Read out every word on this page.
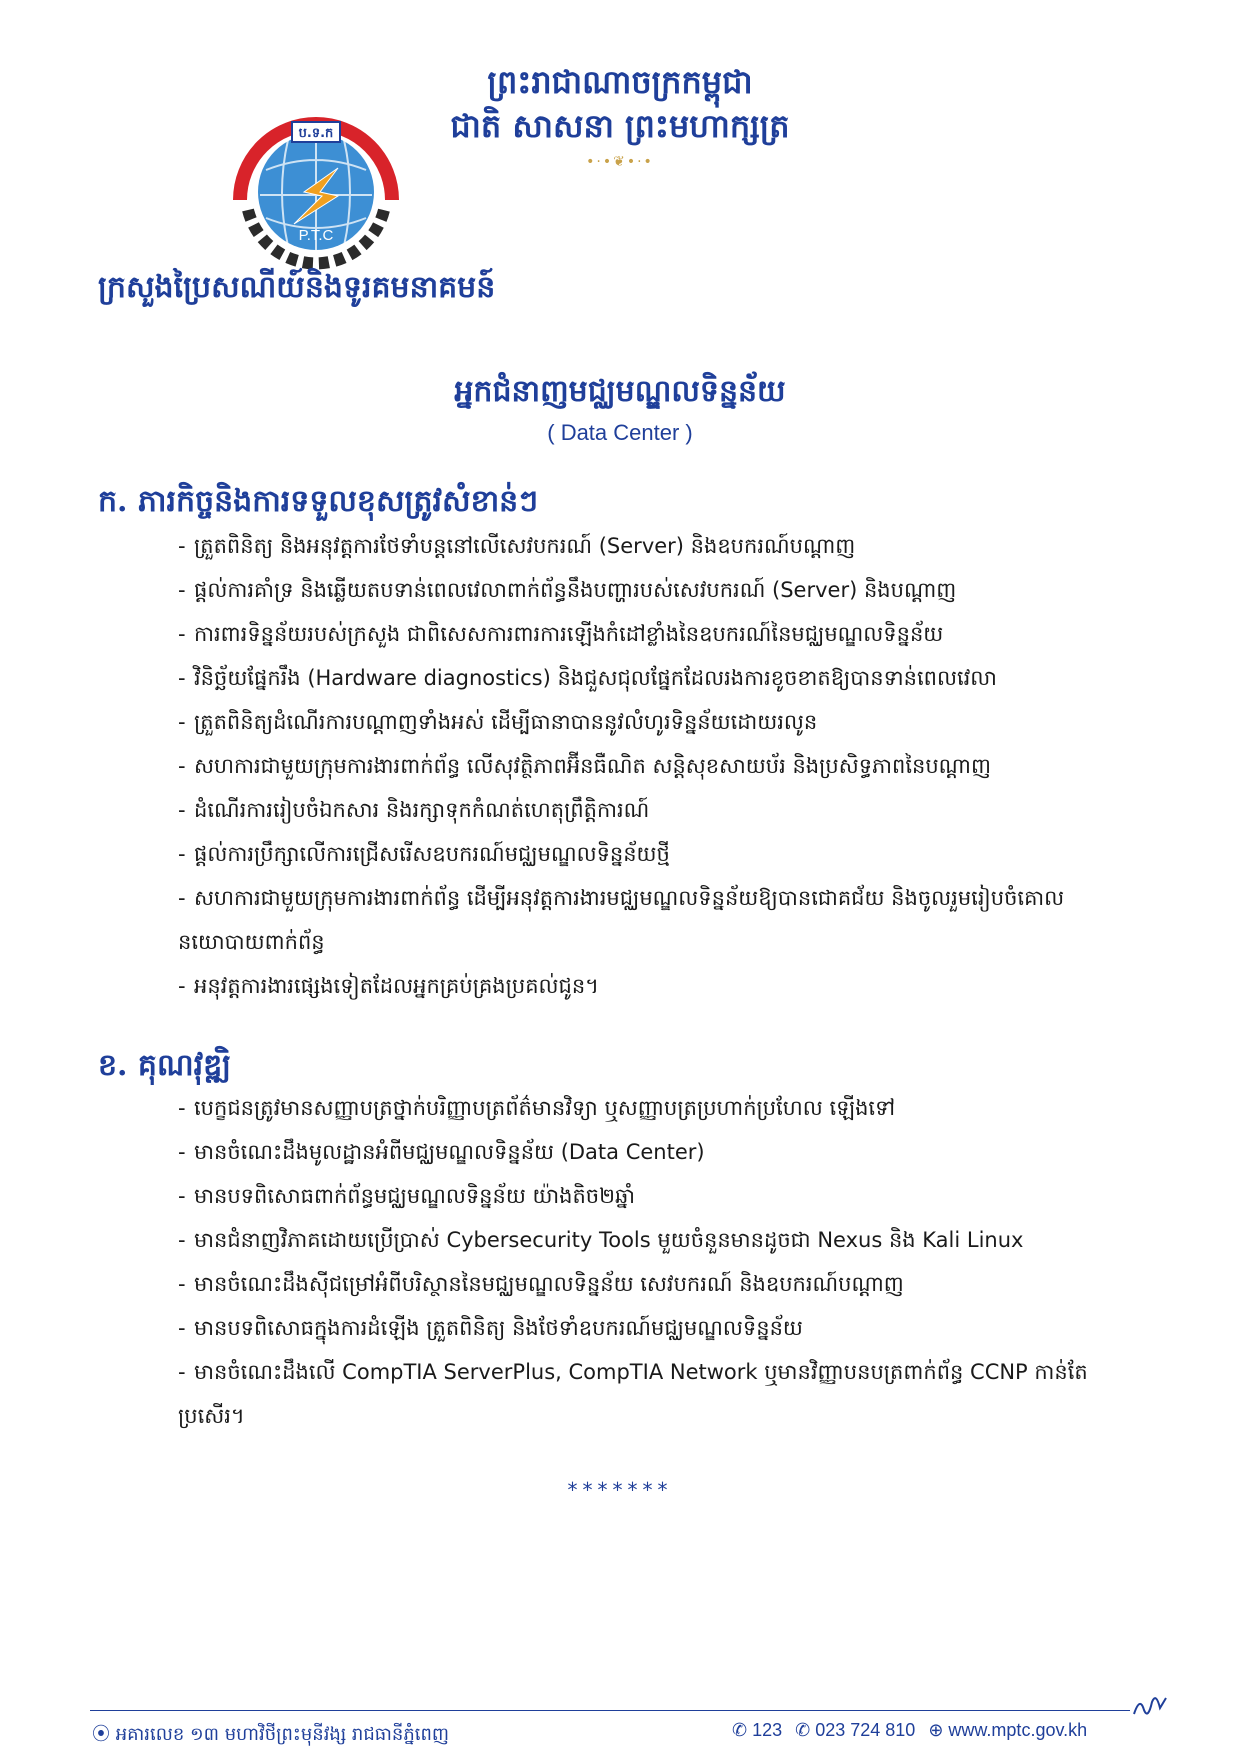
ព្រះរាជាណាចក្រកម្ពុជា
ជាតិ សាសនា ព្រះមហាក្សត្រ
•·•❦•·•
ប.ទ.ក
P.T.C
ក្រសួងប្រៃសណីយ៍និងទូរគមនាគមន៍
អ្នកជំនាញមជ្ឈមណ្ឌលទិន្នន័យ
( Data Center )
ក. ភារកិច្ចនិងការទទួលខុសត្រូវសំខាន់ៗ
- ត្រួតពិនិត្យ និងអនុវត្តការថែទាំបន្តនៅលើសេវបករណ៍ (Server) និងឧបករណ៍បណ្តាញ
- ផ្តល់ការគាំទ្រ និងឆ្លើយតបទាន់ពេលវេលាពាក់ព័ន្ធនឹងបញ្ហារបស់សេវបករណ៍ (Server) និងបណ្តាញ
- ការពារទិន្នន័យរបស់ក្រសួង ជាពិសេសការពារការឡើងកំដៅខ្លាំងនៃឧបករណ៍នៃមជ្ឈមណ្ឌលទិន្នន័យ
- វិនិច្ឆ័យផ្នែករឹង (Hardware diagnostics) និងជួសជុលផ្នែកដែលរងការខូចខាតឱ្យបានទាន់ពេលវេលា
- ត្រួតពិនិត្យដំណើរការបណ្តាញទាំងអស់ ដើម្បីធានាបាននូវលំហូរទិន្នន័យដោយរលូន
- សហការជាមួយក្រុមការងារពាក់ព័ន្ធ លើសុវត្ថិភាពអ៊ីនធឺណិត សន្តិសុខសាយប័រ និងប្រសិទ្ធភាពនៃបណ្តាញ
- ដំណើរការរៀបចំឯកសារ និងរក្សាទុកកំណត់ហេតុព្រឹត្តិការណ៍
- ផ្តល់ការប្រឹក្សាលើការជ្រើសរើសឧបករណ៍មជ្ឈមណ្ឌលទិន្នន័យថ្មី
- សហការជាមួយក្រុមការងារពាក់ព័ន្ធ ដើម្បីអនុវត្តការងារមជ្ឈមណ្ឌលទិន្នន័យឱ្យបានជោគជ័យ និងចូលរួមរៀបចំគោលនយោបាយពាក់ព័ន្ធ
- អនុវត្តការងារផ្សេងទៀតដែលអ្នកគ្រប់គ្រងប្រគល់ជូន។
ខ. គុណវុឌ្ឍិ
- បេក្ខជនត្រូវមានសញ្ញាបត្រថ្នាក់បរិញ្ញាបត្រព័ត៌មានវិទ្យា ឬសញ្ញាបត្រប្រហាក់ប្រហែល ឡើងទៅ
- មានចំណេះដឹងមូលដ្ឋានអំពីមជ្ឈមណ្ឌលទិន្នន័យ (Data Center)
- មានបទពិសោធពាក់ព័ន្ធមជ្ឈមណ្ឌលទិន្នន័យ យ៉ាងតិច២ឆ្នាំ
- មានជំនាញវិភាគដោយប្រើប្រាស់ Cybersecurity Tools មួយចំនួនមានដូចជា Nexus និង Kali Linux
- មានចំណេះដឹងស៊ីជម្រៅអំពីបរិស្ថាននៃមជ្ឈមណ្ឌលទិន្នន័យ សេវបករណ៍ និងឧបករណ៍បណ្តាញ
- មានបទពិសោធក្នុងការដំឡើង ត្រួតពិនិត្យ និងថែទាំឧបករណ៍មជ្ឈមណ្ឌលទិន្នន័យ
- មានចំណេះដឹងលើ CompTIA ServerPlus, CompTIA Network ឬមានវិញ្ញាបនបត្រពាក់ព័ន្ធ CCNP កាន់តែប្រសើរ។
*******
⦿ អគារលេខ ១៣ មហាវិថីព្រះមុនីវង្ស រាជធានីភ្នំពេញ	✆ 123 ✆ 023 724 810 ⊕ www.mptc.gov.kh
